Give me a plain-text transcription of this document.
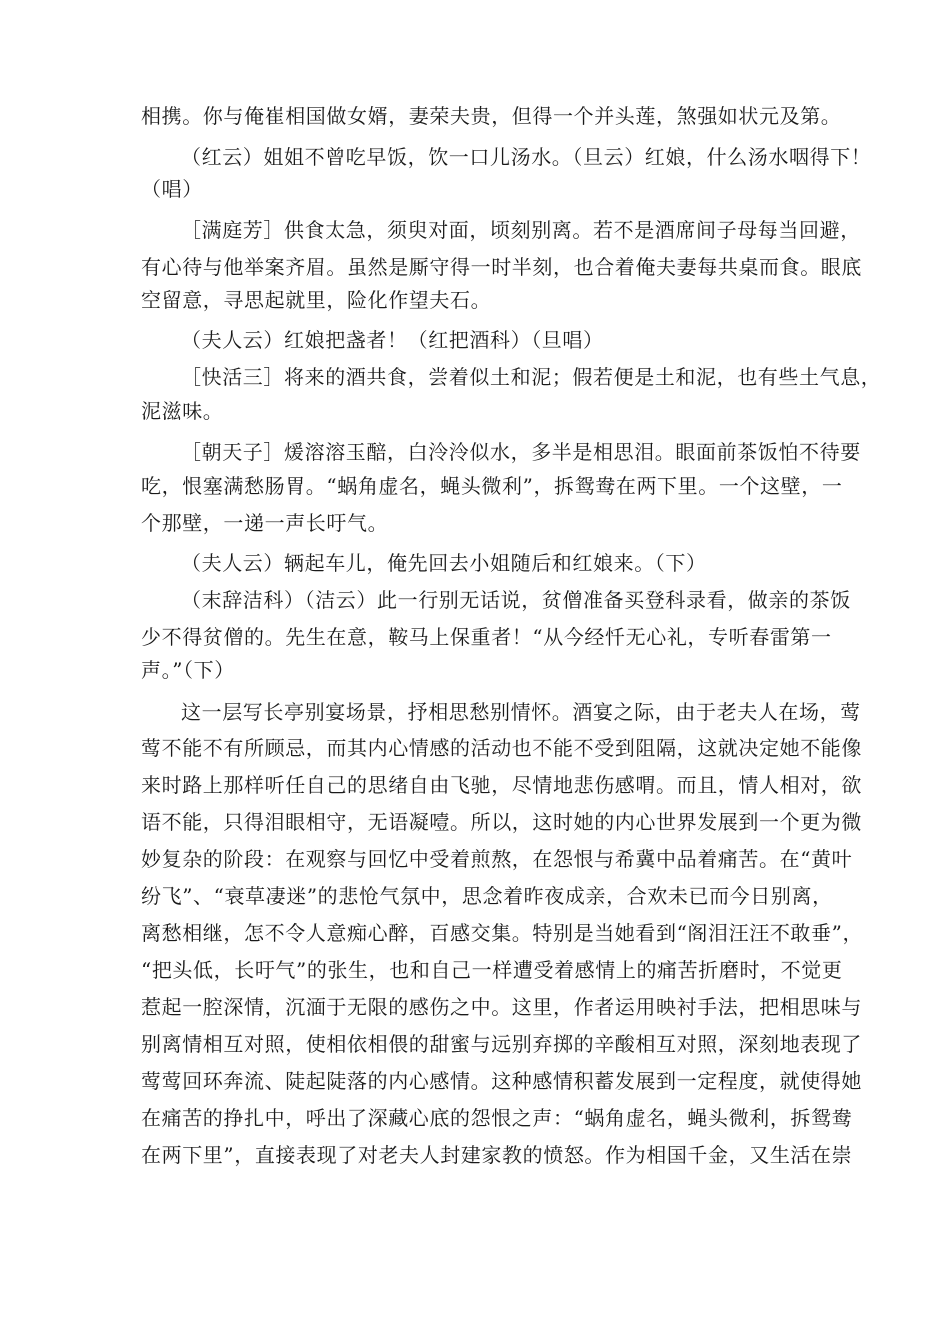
相携。你与俺崔相国做女婿，妻荣夫贵，但得一个并头莲，煞强如状元及第。

（红云）姐姐不曾吃早饭，饮一口儿汤水。（旦云）红娘，什么汤水咽得下！

（唱）

［满庭芳］供食太急，须臾对面，顷刻别离。若不是酒席间子母每当回避，

有心待与他举案齐眉。虽然是厮守得一时半刻，也合着俺夫妻每共桌而食。眼底

空留意，寻思起就里，险化作望夫石。

（夫人云）红娘把盏者！（红把酒科）（旦唱）

［快活三］将来的酒共食，尝着似土和泥；假若便是土和泥，也有些土气息，

泥滋味。

［朝天子］煖溶溶玉醅，白泠泠似水，多半是相思泪。眼面前茶饭怕不待要

吃，恨塞满愁肠胃。“蜗角虚名，蝇头微利”，拆鸳鸯在两下里。一个这壁，一

个那壁，一递一声长吁气。

（夫人云）辆起车儿，俺先回去小姐随后和红娘来。（下）

（末辞洁科）（洁云）此一行别无话说，贫僧准备买登科录看，做亲的茶饭

少不得贫僧的。先生在意，鞍马上保重者！“从今经忏无心礼，专听春雷第一

声。”（下）

这一层写长亭别宴场景，抒相思愁别情怀。酒宴之际，由于老夫人在场，莺

莺不能不有所顾忌，而其内心情感的活动也不能不受到阻隔，这就决定她不能像

来时路上那样听任自己的思绪自由飞驰，尽情地悲伤感喟。而且，情人相对，欲

语不能，只得泪眼相守，无语凝噎。所以，这时她的内心世界发展到一个更为微

妙复杂的阶段：在观察与回忆中受着煎熬，在怨恨与希冀中品着痛苦。在“黄叶

纷飞”、“衰草凄迷”的悲怆气氛中，思念着昨夜成亲，合欢未已而今日别离，

离愁相继，怎不令人意痴心醉，百感交集。特别是当她看到“阁泪汪汪不敢垂”，

“把头低，长吁气”的张生，也和自己一样遭受着感情上的痛苦折磨时，不觉更

惹起一腔深情，沉湎于无限的感伤之中。这里，作者运用映衬手法，把相思味与

别离情相互对照，使相依相偎的甜蜜与远别弃掷的辛酸相互对照，深刻地表现了

莺莺回环奔流、陡起陡落的内心感情。这种感情积蓄发展到一定程度，就使得她

在痛苦的挣扎中，呼出了深藏心底的怨恨之声：“蜗角虚名，蝇头微利，拆鸳鸯

在两下里”，直接表现了对老夫人封建家教的愤怒。作为相国千金，又生活在崇
